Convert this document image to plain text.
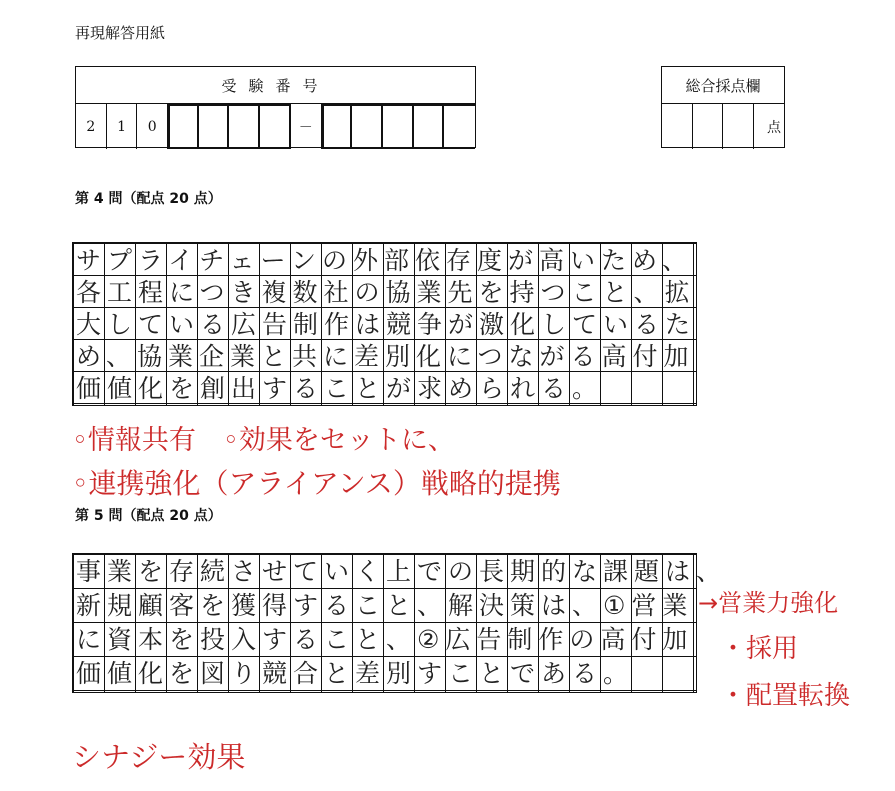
再現解答用紙
受験番号
2	1	0	－
総合採点欄
点
第 4 問（配点 20 点）
サプライチェーンの外部依存度が高いため、
各工程につき複数社の協業先を持つこと、拡
大している広告制作は競争が激化しているた
め、協業企業と共に差別化につながる高付加
価値化を創出することが求められる。
◦情報共有　◦効果をセットに、
◦連携強化（アライアンス）戦略的提携
第 5 問（配点 20 点）
事業を存続させていく上での長期的な課題は、
新規顧客を獲得すること、解決策は、①営業
に資本を投入すること、②広告制作の高付加
価値化を図り競合と差別すことである。
→営業力強化
・採用
・配置転換
シナジー効果
